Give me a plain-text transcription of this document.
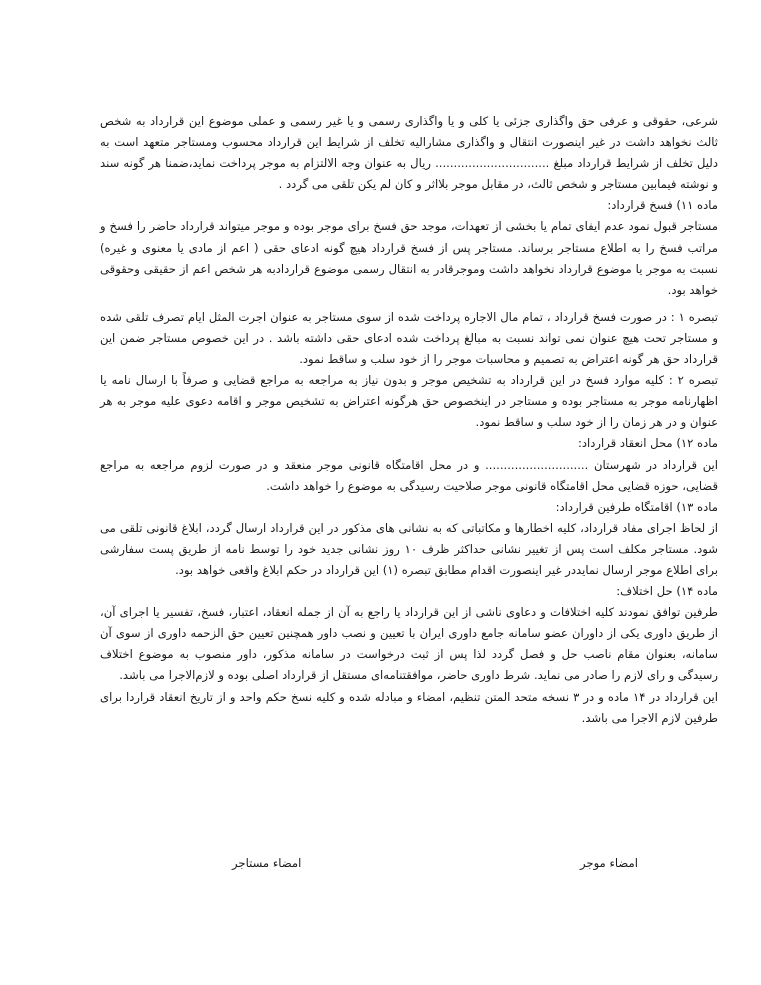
شرعی، حقوقی و عرفی حق واگذاری جزئی یا کلی و یا واگذاری رسمی و یا غیر رسمی و عملی موضوع این قرارداد به شخص ثالث نخواهد داشت در غیر اینصورت انتقال و واگذاری مشارالیه تخلف از شرایط این قرارداد محسوب ومستاجر متعهد است به دلیل تخلف از شرایط قرارداد مبلغ ............................... ریال به عنوان وجه الالتزام به موجر پرداخت نماید،ضمنا هر گونه سند و نوشته فیمابین مستاجر و شخص ثالث، در مقابل موجر بلااثر و کان لم یکن تلقی می گردد .

ماده ۱۱) فسخ قرارداد:

مستاجر قبول نمود عدم ایفای تمام یا بخشی از تعهدات، موجد حق فسخ برای موجر بوده و موجر میتواند قرارداد حاضر را فسخ و مراتب فسخ را به اطلاع مستاجر برساند. مستاجر پس از فسخ قرارداد هیچ گونه ادعای حقی ( اعم از مادی یا معنوی و غیره) نسبت به موجر یا موضوع قرارداد نخواهد داشت وموجرقادر به انتقال رسمی موضوع قراردادبه هر شخص اعم از حقیقی وحقوقی خواهد بود.

تبصره ۱ : در صورت فسخ قرارداد ، تمام مال الاجاره پرداخت شده از سوی مستاجر به عنوان اجرت المثل ایام تصرف تلقی شده و مستاجر تحت هیچ عنوان نمی تواند نسبت به مبالغ پرداخت شده ادعای حقی داشته باشد . در این خصوص مستاجر ضمن این قرارداد حق هر گونه اعتراض به تصمیم و محاسبات موجر را از خود سلب و ساقط نمود.

تبصره ۲ : کلیه موارد فسخ در این قرارداد به تشخیص موجر و بدون نیاز به مراجعه به مراجع قضایی و صرفاً با ارسال نامه یا اظهارنامه موجر به مستاجر بوده و مستاجر در اینخصوص حق هرگونه اعتراض به تشخیص موجر و اقامه دعوی علیه موجر به هر عنوان و در هر زمان را از خود سلب و ساقط نمود.

ماده ۱۲) محل انعقاد قرارداد:

این قرارداد در شهرستان ............................ و در محل اقامتگاه قانونی موجر منعقد و در صورت لزوم مراجعه به مراجع قضایی، حوزه قضایی محل اقامتگاه قانونی موجر صلاحیت رسیدگی به موضوع را خواهد داشت.

ماده ۱۳) اقامتگاه طرفین قرارداد:

از لحاظ اجرای مفاد قرارداد، کلیه اخطارها و مکاتباتی که به نشانی های مذکور در این قرارداد ارسال گردد، ابلاغ قانونی تلقی می شود. مستاجر مکلف است پس از تغییر نشانی حداکثر ظرف ۱۰ روز نشانی جدید خود را توسط نامه از طریق پست سفارشی برای اطلاع موجر ارسال نمایددر غیر اینصورت اقدام مطابق تبصره (۱) این قرارداد در حکم ابلاغ واقعی خواهد بود.

ماده ۱۴) حل اختلاف:

طرفین توافق نمودند کلیه اختلافات و دعاوی ناشی از این قرارداد یا راجع به آن از جمله انعقاد، اعتبار، فسخ، تفسیر یا اجرای آن، از طریق داوری یکی از داوران عضو سامانه جامع داوری ایران با تعیین و نصب داور همچنین تعیین حق الزحمه داوری از سوی آن سامانه، بعنوان مقام ناصب حل و فصل گردد لذا پس از ثبت درخواست در سامانه مذکور، داور منصوب به موضوع اختلاف رسیدگی و رای لازم را صادر می نماید. شرط داوری حاضر، موافقتنامه‌ای مستقل از قرارداد اصلی بوده و لازم‌الاجرا می باشد.

این قرارداد در ۱۴ ماده و در ۳ نسخه متحد المتن تنظیم، امضاء و مبادله شده و کلیه نسخ حکم واحد و از تاریخ انعقاد قراردا برای طرفین لازم الاجرا می باشد.

امضاء موجر
امضاء مستاجر
